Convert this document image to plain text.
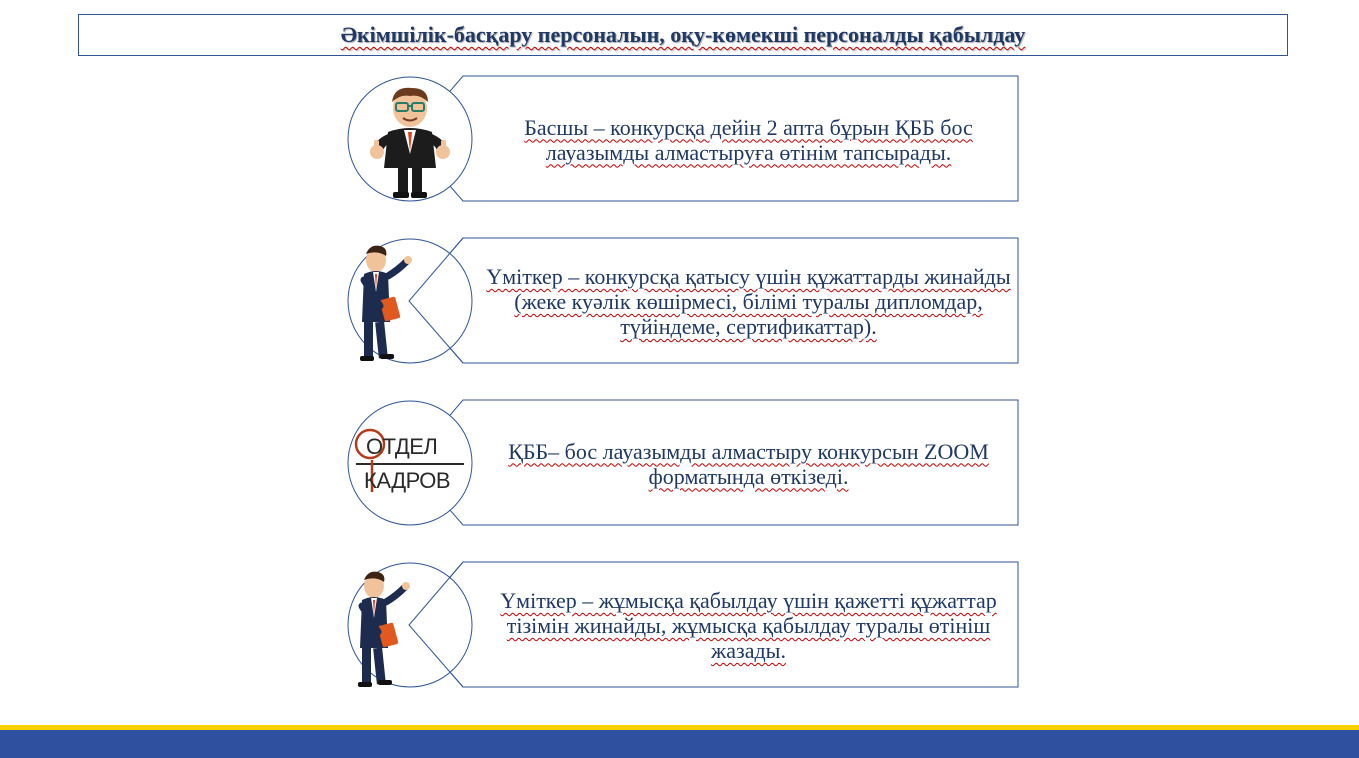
Әкімшілік-басқару персоналын, оқу-көмекші персоналды қабылдау
Басшы – конкурсқа дейін 2 апта бұрын ҚББ бос лауазымды алмастыруға өтінім тапсырады.
Үміткер – конкурсқа қатысу үшін құжаттарды жинайды (жеке куәлік көшірмесі, білімі туралы дипломдар, түйіндеме, сертификаттар).
ОТДЕЛ
КАДРОВ
ҚББ– бос лауазымды алмастыру конкурсын ZOOM форматында өткізеді.
Үміткер – жұмысқа қабылдау үшін қажетті құжаттар тізімін жинайды, жұмысқа қабылдау туралы өтініш жазады.
